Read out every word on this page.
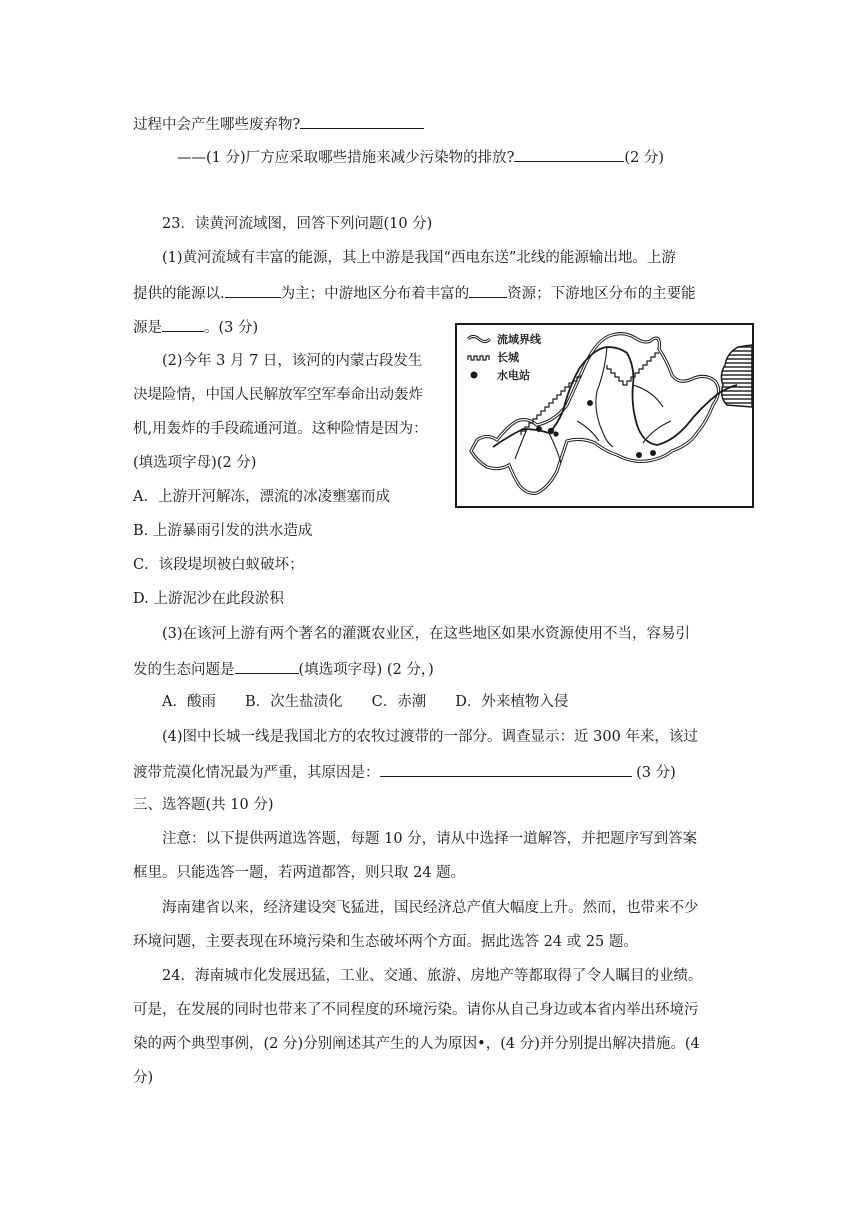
过程中会产生哪些废弃物?
——(1 分)厂方应采取哪些措施来减少污染物的排放?	(2 分)
23．读黄河流域图，回答下列问题(10 分)
(1)黄河流域有丰富的能源，其上中游是我国“西电东送”北线的能源输出地。上游
提供的能源以.	为主；中游地区分布着丰富的	资源；下游地区分布的主要能
源是	。(3 分)
(2)今年 3 月 7 日，该河的内蒙古段发生
决堤险情，中国人民解放军空军奉命出动轰炸
机,用轰炸的手段疏通河道。这种险情是因为：
(填选项字母)(2 分)
A．上游开河解冻，漂流的冰凌壅塞而成
B. 上游暴雨引发的洪水造成
C．该段堤坝被白蚁破坏；
D. 上游泥沙在此段淤积
(3)在该河上游有两个著名的灌溉农业区，在这些地区如果水资源使用不当，容易引
发的生态问题是	(填选项字母) (2 分，)
A．酸雨　　B．次生盐渍化　　C．赤潮　　D．外来植物入侵
(4)图中长城一线是我国北方的农牧过渡带的一部分。调查显示：近 300 年来，该过
渡带荒漠化情况最为严重，其原因是：	(3 分)
三、选答题(共 10 分)
注意：以下提供两道选答题，每题 10 分，请从中选择一道解答，并把题序写到答案
框里。只能选答一题，若两道都答，则只取 24 题。
海南建省以来，经济建设突飞猛进，国民经济总产值大幅度上升。然而，也带来不少
环境问题，主要表现在环境污染和生态破坏两个方面。据此选答 24 或 25 题。
24．海南城市化发展迅猛，工业、交通、旅游、房地产等都取得了令人瞩目的业绩。
可是，在发展的同时也带来了不同程度的环境污染。请你从自己身边或本省内举出环境污
染的两个典型事例，(2 分)分别阐述其产生的人为原因•，(4 分)并分别提出解决措施。(4
分)
流域界线
长城
水电站
